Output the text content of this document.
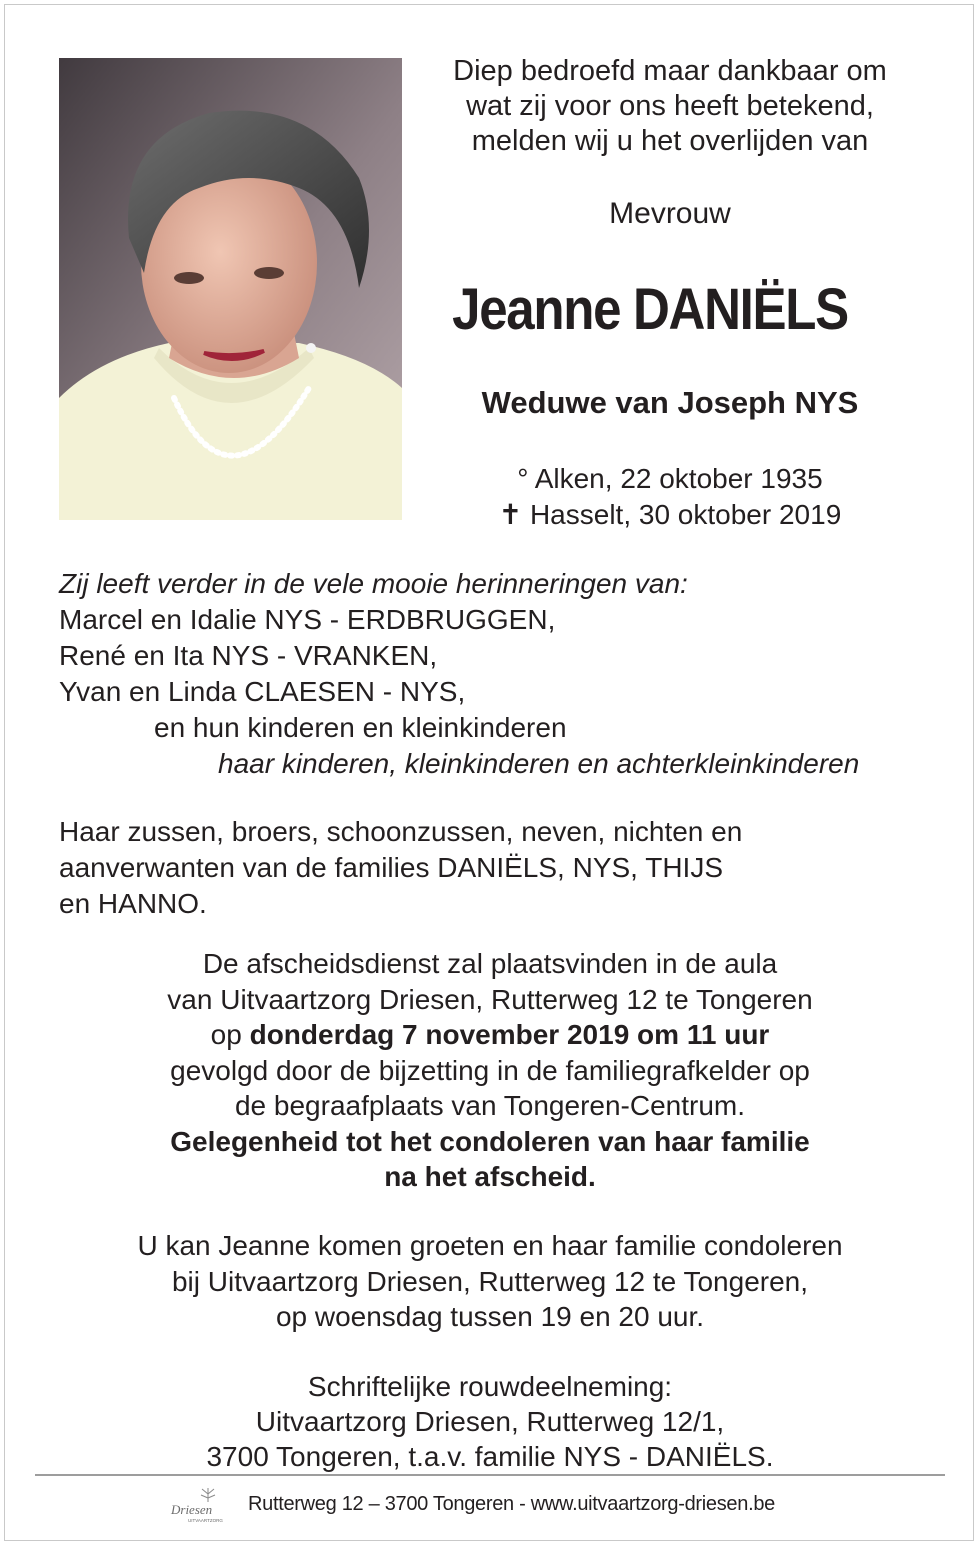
Diep bedroefd maar dankbaar om
wat zij voor ons heeft betekend,
melden wij u het overlijden van
Mevrouw
Jeanne DANIËLS
Weduwe van Joseph NYS
° Alken, 22 oktober 1935
✝ Hasselt, 30 oktober 2019
Zij leeft verder in de vele mooie herinneringen van:
Marcel en Idalie NYS - ERDBRUGGEN,
René en Ita NYS - VRANKEN,
Yvan en Linda CLAESEN - NYS,
en hun kinderen en kleinkinderen
haar kinderen, kleinkinderen en achterkleinkinderen
Haar zussen, broers, schoonzussen, neven, nichten en
aanverwanten van de families DANIËLS, NYS, THIJS
en HANNO.
De afscheidsdienst zal plaatsvinden in de aula
van Uitvaartzorg Driesen, Rutterweg 12 te Tongeren
op donderdag 7 november 2019 om 11 uur
gevolgd door de bijzetting in de familiegrafkelder op
de begraafplaats van Tongeren-Centrum.
Gelegenheid tot het condoleren van haar familie
na het afscheid.
U kan Jeanne komen groeten en haar familie condoleren
bij Uitvaartzorg Driesen, Rutterweg 12 te Tongeren,
op woensdag tussen 19 en 20 uur.
Schriftelijke rouwdeelneming:
Uitvaartzorg Driesen, Rutterweg 12/1,
3700 Tongeren, t.a.v. familie NYS - DANIËLS.
Driesen
UITVAARTZORG
Rutterweg 12 – 3700 Tongeren - www.uitvaartzorg-driesen.be
